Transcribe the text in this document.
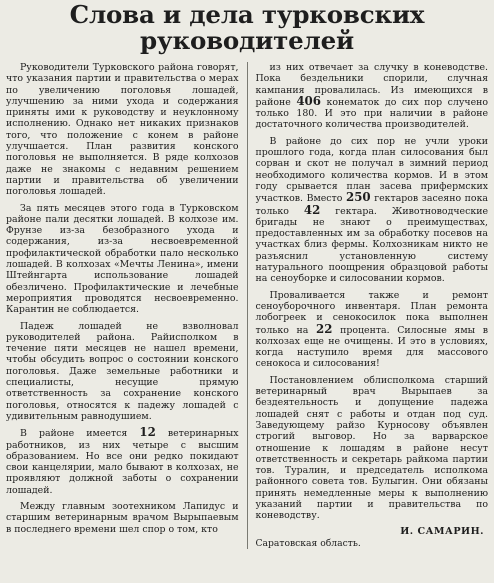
Слова и дела турковских
руководителей

Руководители Турковского района говорят, что указания партии и правительства о мерах по увеличению поголовья лошадей, улучшению за ними ухода и содержания приняты ими к руководству и неуклонному исполнению. Однако нет никаких признаков того, что положение с конем в районе улучшается. План развития конского поголовья не выполняется. В ряде колхозов даже не знакомы с недавним решением партии и правительства об увеличении поголовья лошадей.

За пять месяцев этого года в Турковском районе пали десятки лошадей. В колхозе им. Фрунзе из-за безобразного ухода и содержания, из-за несвоевременной профилактической обработки пало несколько лошадей. В колхозах «Мечты Ленина», имени Штейнгарта использование лошадей обезличено. Профилактические и лечебные мероприятия проводятся несвоевременно. Карантин не соблюдается.

Падеж лошадей не взволновал руководителей района. Райисполком в течение пяти месяцев не нашел времени, чтобы обсудить вопрос о состоянии конского поголовья. Даже земельные работники и специалисты, несущие прямую ответственность за сохранение конского поголовья, относятся к падежу лошадей с удивительным равнодушием.

В районе имеется 12 ветеринарных работников, из них четыре с высшим образованием. Но все они редко покидают свои канцелярии, мало бывают в колхозах, не проявляют должной заботы о сохранении лошадей.

Между главным зоотехником Лапидус и старшим ветеринарным врачом Вырыпаевым в последнего времени шел спор о том, кто

из них отвечает за случку в коневодстве. Пока бездельники спорили, случная кампания провалилась. Из имеющихся в районе 406 конематок до сих пор случено только 180. И это при наличии в районе достаточного количества производителей.

В районе до сих пор не учли уроки прошлого года, когда план силосования был сорван и скот не получал в зимний период необходимого количества кормов. И в этом году срывается план засева прифермских участков. Вместо 250 гектаров засеяно пока только 42 гектара. Животноводческие бригады не знают о преимуществах, предоставленных им за обработку посевов на участках близ фермы. Колхозникам никто не разъяснил установленную систему натурального поощрения образцовой работы на сеноуборке и силосовании кормов.

Проваливается также и ремонт сеноуборочного инвентаря. План ремонта лобогреек и сенокосилок пока выполнен только на 22 процента. Силосные ямы в колхозах еще не очищены. И это в условиях, когда наступило время для массового сенокоса и силосования!

Постановлением облисполкома старший ветеринарный врач Вырыпаев за бездеятельность и допущение падежа лошадей снят с работы и отдан под суд. Заведующему райзо Курносову объявлен строгий выговор. Но за варварское отношение к лошадям в районе несут ответственность и секретарь райкома партии тов. Туралин, и председатель исполкома районного совета тов. Булыгин. Они обязаны принять немедленные меры к выполнению указаний партии и правительства по коневодству.

И. САМАРИН.
Саратовская область.
